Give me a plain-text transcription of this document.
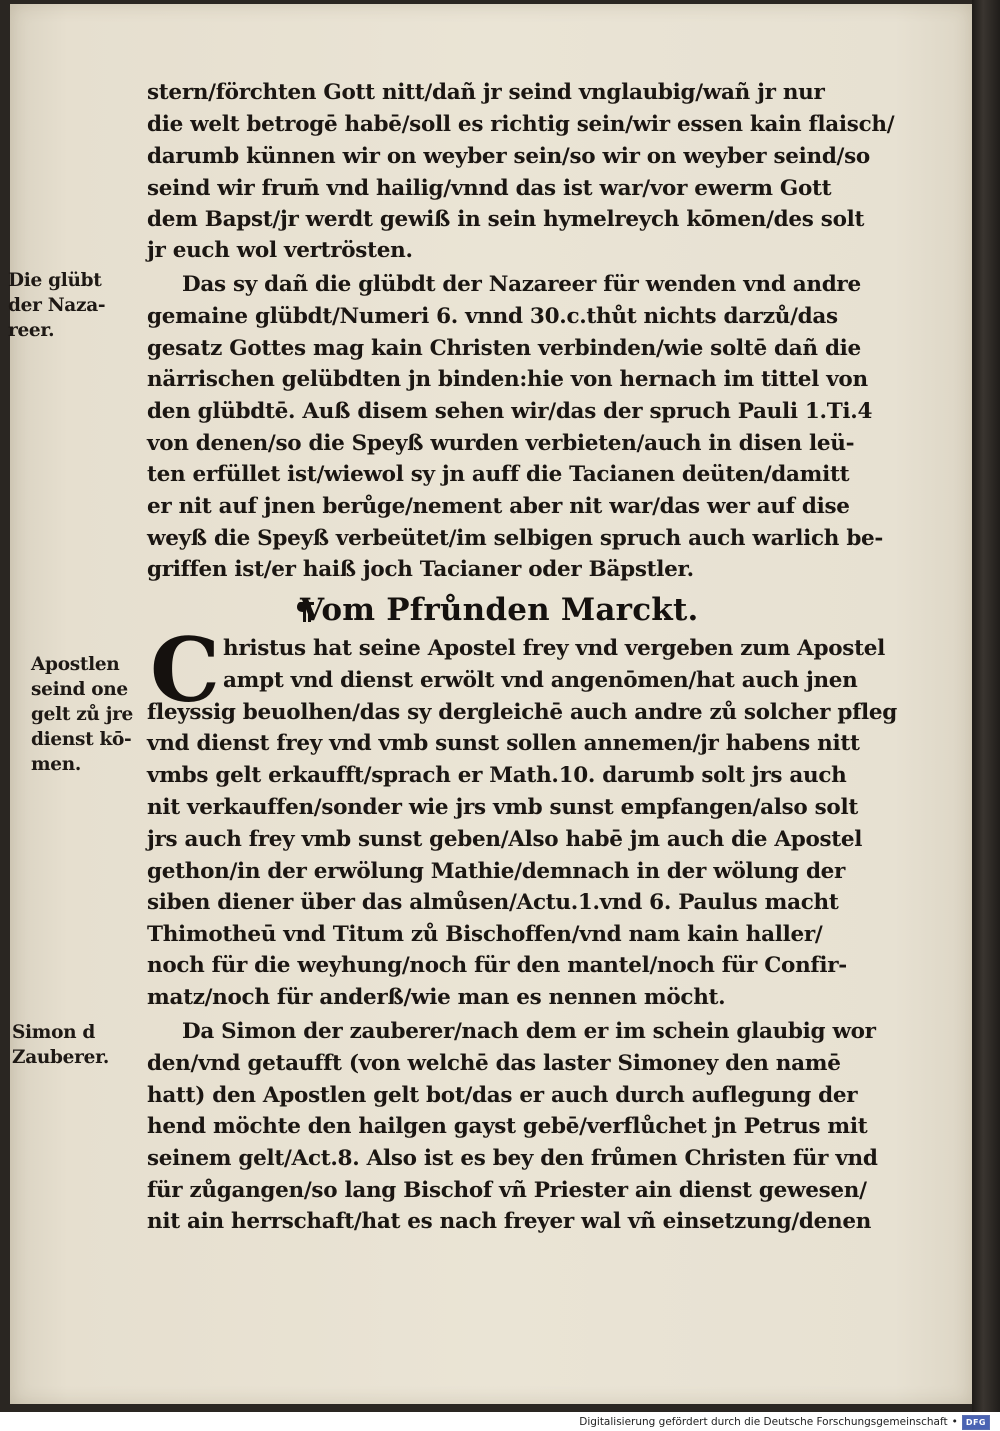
stern/förchten Gott nitt/dañ jr seind vnglaubig/wañ jr nur
die welt betrogē habē/soll es richtig sein/wir essen kain flaisch/
darumb künnen wir on weyber sein/so wir on weyber seind/so
seind wir frum̄ vnd hailig/vnnd das ist war/vor ewerm Gott
dem Bapst/jr werdt gewiß in sein hymelreych kōmen/des solt
jr euch wol vertrösten.
Das sy dañ die glübdt der Nazareer für wenden vnd andre
gemaine glübdt/Numeri 6. vnnd 30.c.thůt nichts darzů/das
gesatz Gottes mag kain Christen verbinden/wie soltē dañ die
närrischen gelübdten jn binden:hie von hernach im tittel von
den glübdtē. Auß disem sehen wir/das der spruch Pauli 1.Ti.4
von denen/so die Speyß wurden verbieten/auch in disen leü-
ten erfüllet ist/wiewol sy jn auff die Tacianen deüten/damitt
er nit auf jnen berůge/nement aber nit war/das wer auf dise
weyß die Speyß verbeütet/im selbigen spruch auch warlich be-
griffen ist/er haiß joch Tacianer oder Bäpstler.
hristus hat seine Apostel frey vnd vergeben zum Apostel
ampt vnd dienst erwölt vnd angenōmen/hat auch jnen
fleyssig beuolhen/das sy dergleichē auch andre zů solcher pfleg
vnd dienst frey vnd vmb sunst sollen annemen/jr habens nitt
vmbs gelt erkaufft/sprach er Math.10. darumb solt jrs auch
nit verkauffen/sonder wie jrs vmb sunst empfangen/also solt
jrs auch frey vmb sunst geben/Also habē jm auch die Apostel
gethon/in der erwölung Mathie/demnach in der wölung der
siben diener über das almůsen/Actu.1.vnd 6. Paulus macht
Thimotheū vnd Titum zů Bischoffen/vnd nam kain haller/
noch für die weyhung/noch für den mantel/noch für Confir-
matz/noch für anderß/wie man es nennen möcht.
Da Simon der zauberer/nach dem er im schein glaubig wor
den/vnd getaufft (von welchē das laster Simoney den namē
hatt) den Apostlen gelt bot/das er auch durch auflegung der
hend möchte den hailgen gayst gebē/verflůchet jn Petrus mit
seinem gelt/Act.8. Also ist es bey den frůmen Christen für vnd
für zůgangen/so lang Bischof vñ Priester ain dienst gewesen/
nit ain herrschaft/hat es nach freyer wal vñ einsetzung/denen
Vom Pfrůnden Marckt.
C
Die glübt
der Naza-
reer.
Apostlen
seind one
gelt zů jre
dienst kō-
men.
Simon d
Zauberer.
Digitalisierung gefördert durch die Deutsche Forschungsgemeinschaft •	DFG
